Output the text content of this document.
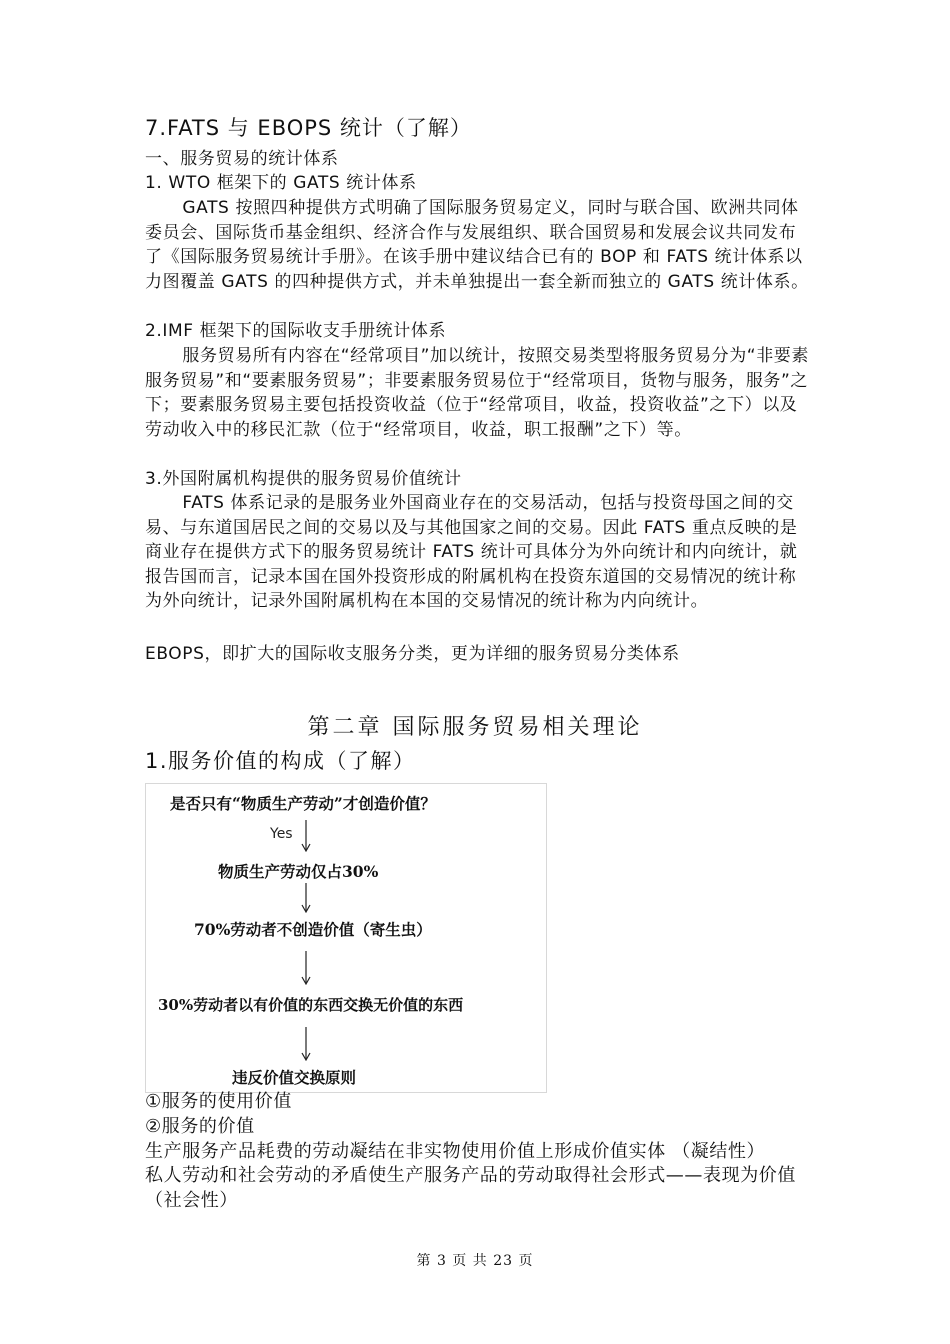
7.FATS 与 EBOPS 统计（了解）
一、服务贸易的统计体系
1. WTO 框架下的 GATS 统计体系
GATS 按照四种提供方式明确了国际服务贸易定义，同时与联合国、欧洲共同体委员会、国际货币基金组织、经济合作与发展组织、联合国贸易和发展会议共同发布了《国际服务贸易统计手册》。在该手册中建议结合已有的 BOP 和 FATS 统计体系以力图覆盖 GATS 的四种提供方式，并未单独提出一套全新而独立的 GATS 统计体系。
2.IMF 框架下的国际收支手册统计体系
服务贸易所有内容在“经常项目”加以统计，按照交易类型将服务贸易分为“非要素服务贸易”和“要素服务贸易”；非要素服务贸易位于“经常项目，货物与服务，服务”之下；要素服务贸易主要包括投资收益（位于“经常项目，收益，投资收益”之下）以及劳动收入中的移民汇款（位于“经常项目，收益，职工报酬”之下）等。
3.外国附属机构提供的服务贸易价值统计
FATS 体系记录的是服务业外国商业存在的交易活动，包括与投资母国之间的交易、与东道国居民之间的交易以及与其他国家之间的交易。因此 FATS 重点反映的是商业存在提供方式下的服务贸易统计 FATS 统计可具体分为外向统计和内向统计，就报告国而言，记录本国在国外投资形成的附属机构在投资东道国的交易情况的统计称为外向统计，记录外国附属机构在本国的交易情况的统计称为内向统计。
EBOPS，即扩大的国际收支服务分类，更为详细的服务贸易分类体系
第二章 国际服务贸易相关理论
1.服务价值的构成（了解）
是否只有“物质生产劳动”才创造价值？
Yes
物质生产劳动仅占30%
70%劳动者不创造价值（寄生虫）
30%劳动者以有价值的东西交换无价值的东西
违反价值交换原则
①服务的使用价值
②服务的价值
生产服务产品耗费的劳动凝结在非实物使用价值上形成价值实体 （凝结性）
私人劳动和社会劳动的矛盾使生产服务产品的劳动取得社会形式——表现为价值 （社会性）
第 3 页 共 23 页
